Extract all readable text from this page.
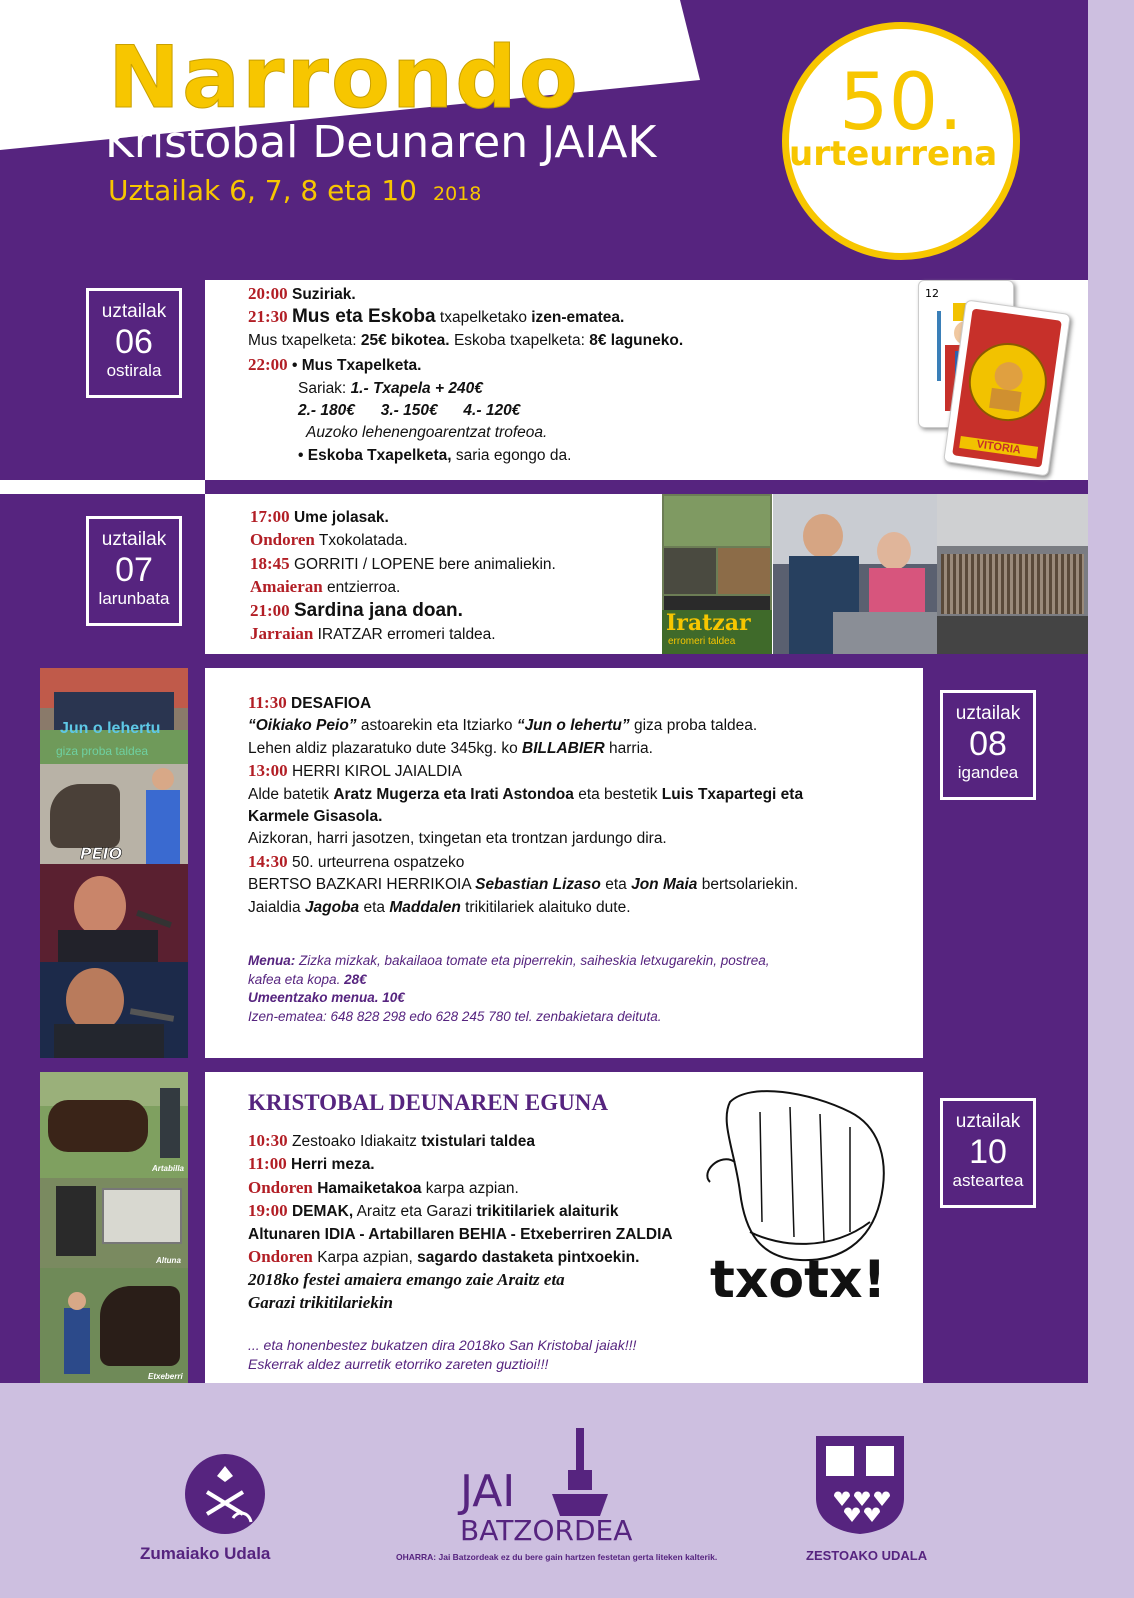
Narrondo
Kristobal Deunaren JAIAK
Uztailak 6, 7, 8 eta 10 2018
50.
urteurrena
uztailak
06
ostirala
20:00 Suziriak.
21:30 Mus eta Eskoba txapelketako izen-ematea.
Mus txapelketa: 25€ bikotea. Eskoba txapelketa: 8€ laguneko.
22:00 • Mus Txapelketa.
Sariak: 1.- Txapela + 240€
2.- 180€      3.- 150€      4.- 120€
Auzoko lehenengoarentzat trofeoa.
• Eskoba Txapelketa, saria egongo da.
12
VITORIA
uztailak
07
larunbata
17:00 Ume jolasak.
Ondoren Txokolatada.
18:45 GORRITI / LOPENE bere animaliekin.
Amaieran entzierroa.
21:00 Sardina jana doan.
Jarraian IRATZAR erromeri taldea.	Iratzar
erromeri taldea
uztailak
08
igandea
Jun o lehertu
giza proba taldea
PEIO
11:30 DESAFIOA
“Oikiako Peio” astoarekin eta Itziarko “Jun o lehertu” giza proba taldea.
Lehen aldiz plazaratuko dute 345kg. ko BILLABIER harria.
13:00 HERRI KIROL JAIALDIA
Alde batetik Aratz Mugerza eta Irati Astondoa eta bestetik Luis Txapartegi eta
Karmele Gisasola.
Aizkoran, harri jasotzen, txingetan eta trontzan jardungo dira.
14:30 50. urteurrena ospatzeko
BERTSO BAZKARI HERRIKOIA Sebastian Lizaso eta Jon Maia bertsolariekin.
Jaialdia Jagoba eta Maddalen trikitilariek alaituko dute.
Menua: Zizka mizkak, bakailaoa tomate eta piperrekin, saiheskia letxugarekin, postrea,
kafea eta kopa. 28€
Umeentzako menua. 10€
Izen-ematea: 648 828 298 edo 628 245 780 tel. zenbakietara deituta.
uztailak
10
asteartea
Artabilla
Altuna
Etxeberri
KRISTOBAL DEUNAREN EGUNA
10:30 Zestoako Idiakaitz txistulari taldea
11:00 Herri meza.
Ondoren Hamaiketakoa karpa azpian.
19:00 DEMAK, Araitz eta Garazi trikitilariek alaiturik
Altunaren IDIA - Artabillaren BEHIA - Etxeberriren ZALDIA
Ondoren Karpa azpian, sagardo dastaketa pintxoekin.
2018ko festei amaiera emango zaie Araitz eta
Garazi trikitilariekin	txotx!
... eta honenbestez bukatzen dira 2018ko San Kristobal jaiak!!!
Eskerrak aldez aurretik etorriko zareten guztioi!!!
Zumaiako Udala
JAI
BATZORDEA
OHARRA: Jai Batzordeak ez du bere gain hartzen festetan gerta liteken kalterik.	ZESTOAKO UDALA
